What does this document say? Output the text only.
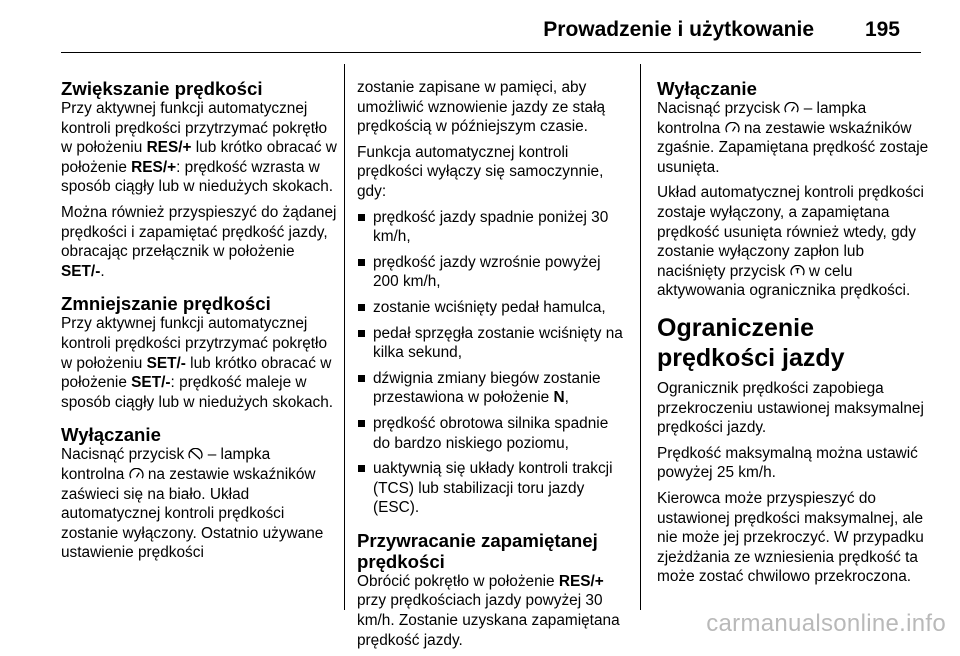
Prowadzenie i użytkowanie 195
Zwiększanie prędkości

Przy aktywnej funkcji automatycznej kontroli prędkości przytrzymać pokrętło w położeniu RES/+ lub krótko obracać w położenie RES/+: prędkość wzrasta w sposób ciągły lub w niedużych skokach.

Można również przyspieszyć do żądanej prędkości i zapamiętać prędkość jazdy, obracając przełącznik w położenie SET/-.

Zmniejszanie prędkości

Przy aktywnej funkcji automatycznej kontroli prędkości przytrzymać pokrętło w położeniu SET/- lub krótko obracać w położenie SET/-: prędkość maleje w sposób ciągły lub w niedużych skokach.

Wyłączanie

Nacisnąć przycisk  – lampka kontrolna  na zestawie wskaźników zaświeci się na biało. Układ automatycznej kontroli prędkości zostanie wyłączony. Ostatnio używane ustawienie prędkości

zostanie zapisane w pamięci, aby umożliwić wznowienie jazdy ze stałą prędkością w późniejszym czasie.

Funkcja automatycznej kontroli prędkości wyłączy się samoczynnie, gdy:

prędkość jazdy spadnie poniżej 30 km/h,
prędkość jazdy wzrośnie powyżej 200 km/h,
zostanie wciśnięty pedał hamulca,
pedał sprzęgła zostanie wciśnięty na kilka sekund,
dźwignia zmiany biegów zostanie przestawiona w położenie N,
prędkość obrotowa silnika spadnie do bardzo niskiego poziomu,
uaktywnią się układy kontroli trakcji (TCS) lub stabilizacji toru jazdy (ESC).
Przywracanie zapamiętanej prędkości

Obrócić pokrętło w położenie RES/+ przy prędkościach jazdy powyżej 30 km/h. Zostanie uzyskana zapamiętana prędkość jazdy.

Wyłączanie

Nacisnąć przycisk  – lampka kontrolna  na zestawie wskaźników zgaśnie. Zapamiętana prędkość zostaje usunięta.

Układ automatycznej kontroli prędkości zostaje wyłączony, a zapamiętana prędkość usunięta również wtedy, gdy zostanie wyłączony zapłon lub naciśnięty przycisk  w celu aktywowania ogranicznika prędkości.

Ograniczenie prędkości jazdy

Ogranicznik prędkości zapobiega przekroczeniu ustawionej maksymalnej prędkości jazdy.

Prędkość maksymalną można ustawić powyżej 25 km/h.

Kierowca może przyspieszyć do ustawionej prędkości maksymalnej, ale nie może jej przekroczyć. W przypadku zjeżdżania ze wzniesienia prędkość ta może zostać chwilowo przekroczona.

carmanualsonline.info
